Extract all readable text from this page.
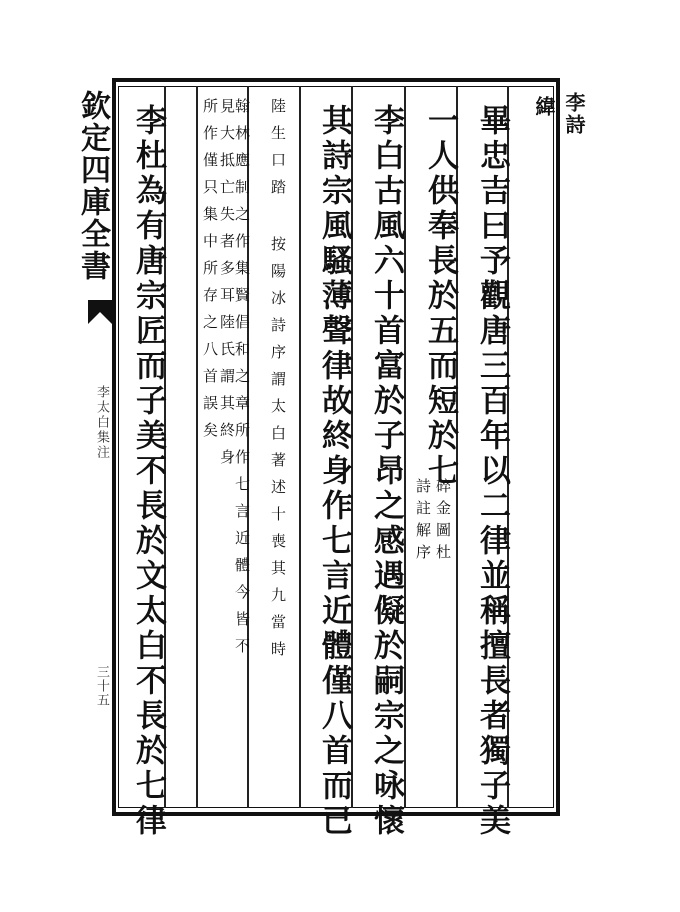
李詩
緯
畢忠吉曰予觀唐三百年以二律並稱擅長者獨子美
一人供奉長於五而短於七
碎金圖杜
詩註解序
李白古風六十首富於子昂之感遇儗於嗣宗之咏懷
其詩宗風騷薄聲律故終身作七言近體僅八首而已
陸生口踏 按陽冰詩序謂太白著述十喪其九當時
翰林應制之作集賢倡和之章所作七言近體今皆不
見大抵亡失者多耳陸氏謂其終身
所作僅只集中所存之八首誤矣
李杜為有唐宗匠而子美不長於文太白不長於七律
欽定四庫全書
李太白集注
三十五
